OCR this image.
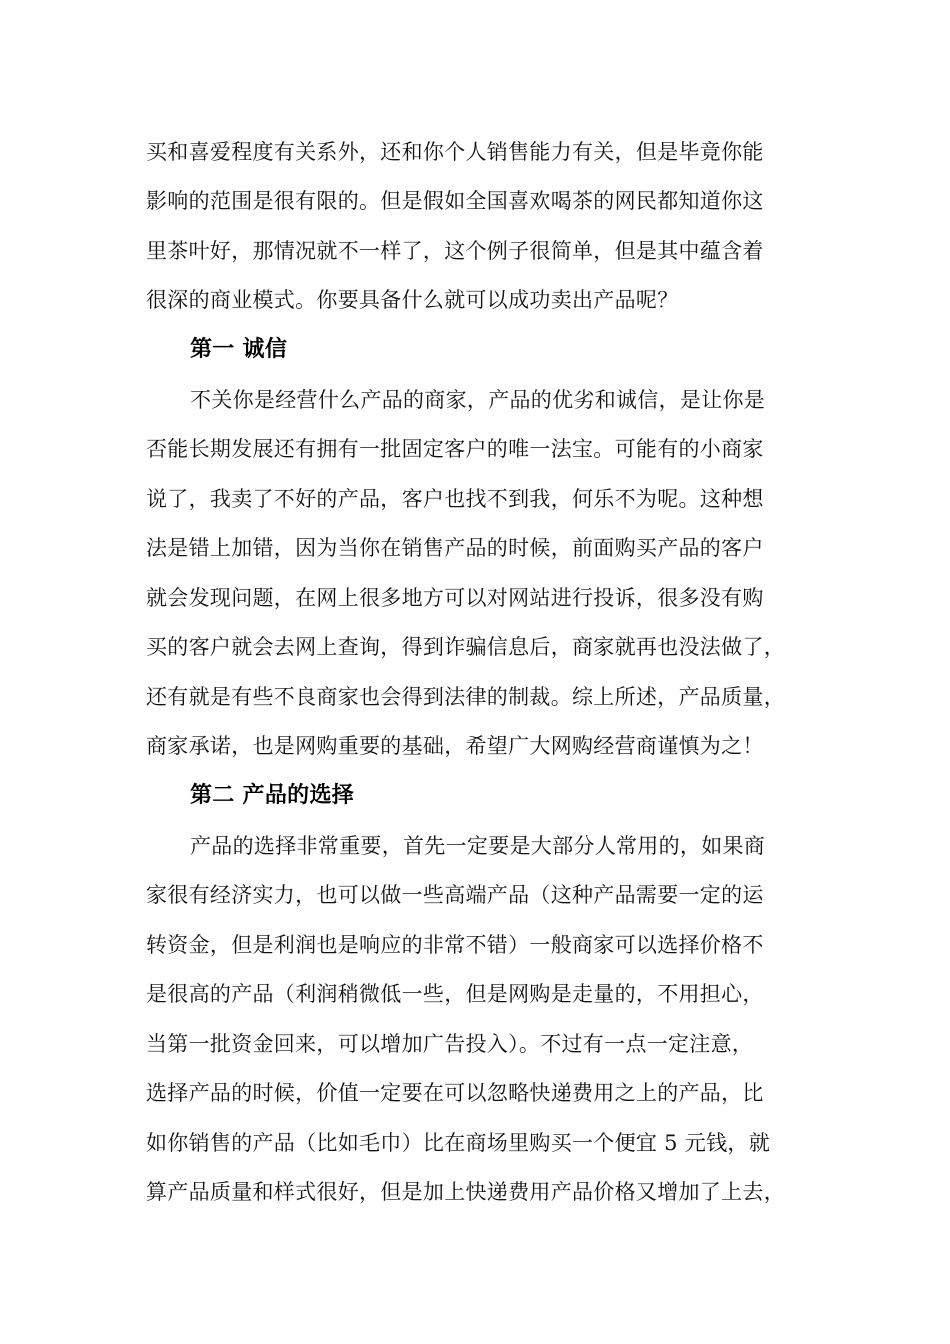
买和喜爱程度有关系外，还和你个人销售能力有关，但是毕竟你能
影响的范围是很有限的。但是假如全国喜欢喝茶的网民都知道你这
里茶叶好，那情况就不一样了，这个例子很简单，但是其中蕴含着
很深的商业模式。你要具备什么就可以成功卖出产品呢？
第一 诚信
不关你是经营什么产品的商家，产品的优劣和诚信，是让你是
否能长期发展还有拥有一批固定客户的唯一法宝。可能有的小商家
说了，我卖了不好的产品，客户也找不到我，何乐不为呢。这种想
法是错上加错，因为当你在销售产品的时候，前面购买产品的客户
就会发现问题，在网上很多地方可以对网站进行投诉，很多没有购
买的客户就会去网上查询，得到诈骗信息后，商家就再也没法做了，
还有就是有些不良商家也会得到法律的制裁。综上所述，产品质量，
商家承诺，也是网购重要的基础，希望广大网购经营商谨慎为之！
第二 产品的选择
产品的选择非常重要，首先一定要是大部分人常用的，如果商
家很有经济实力，也可以做一些高端产品（这种产品需要一定的运
转资金，但是利润也是响应的非常不错）一般商家可以选择价格不
是很高的产品（利润稍微低一些，但是网购是走量的，不用担心，
当第一批资金回来，可以增加广告投入）。不过有一点一定注意，
选择产品的时候，价值一定要在可以忽略快递费用之上的产品，比
如你销售的产品（比如毛巾）比在商场里购买一个便宜 5 元钱，就
算产品质量和样式很好，但是加上快递费用产品价格又增加了上去，
